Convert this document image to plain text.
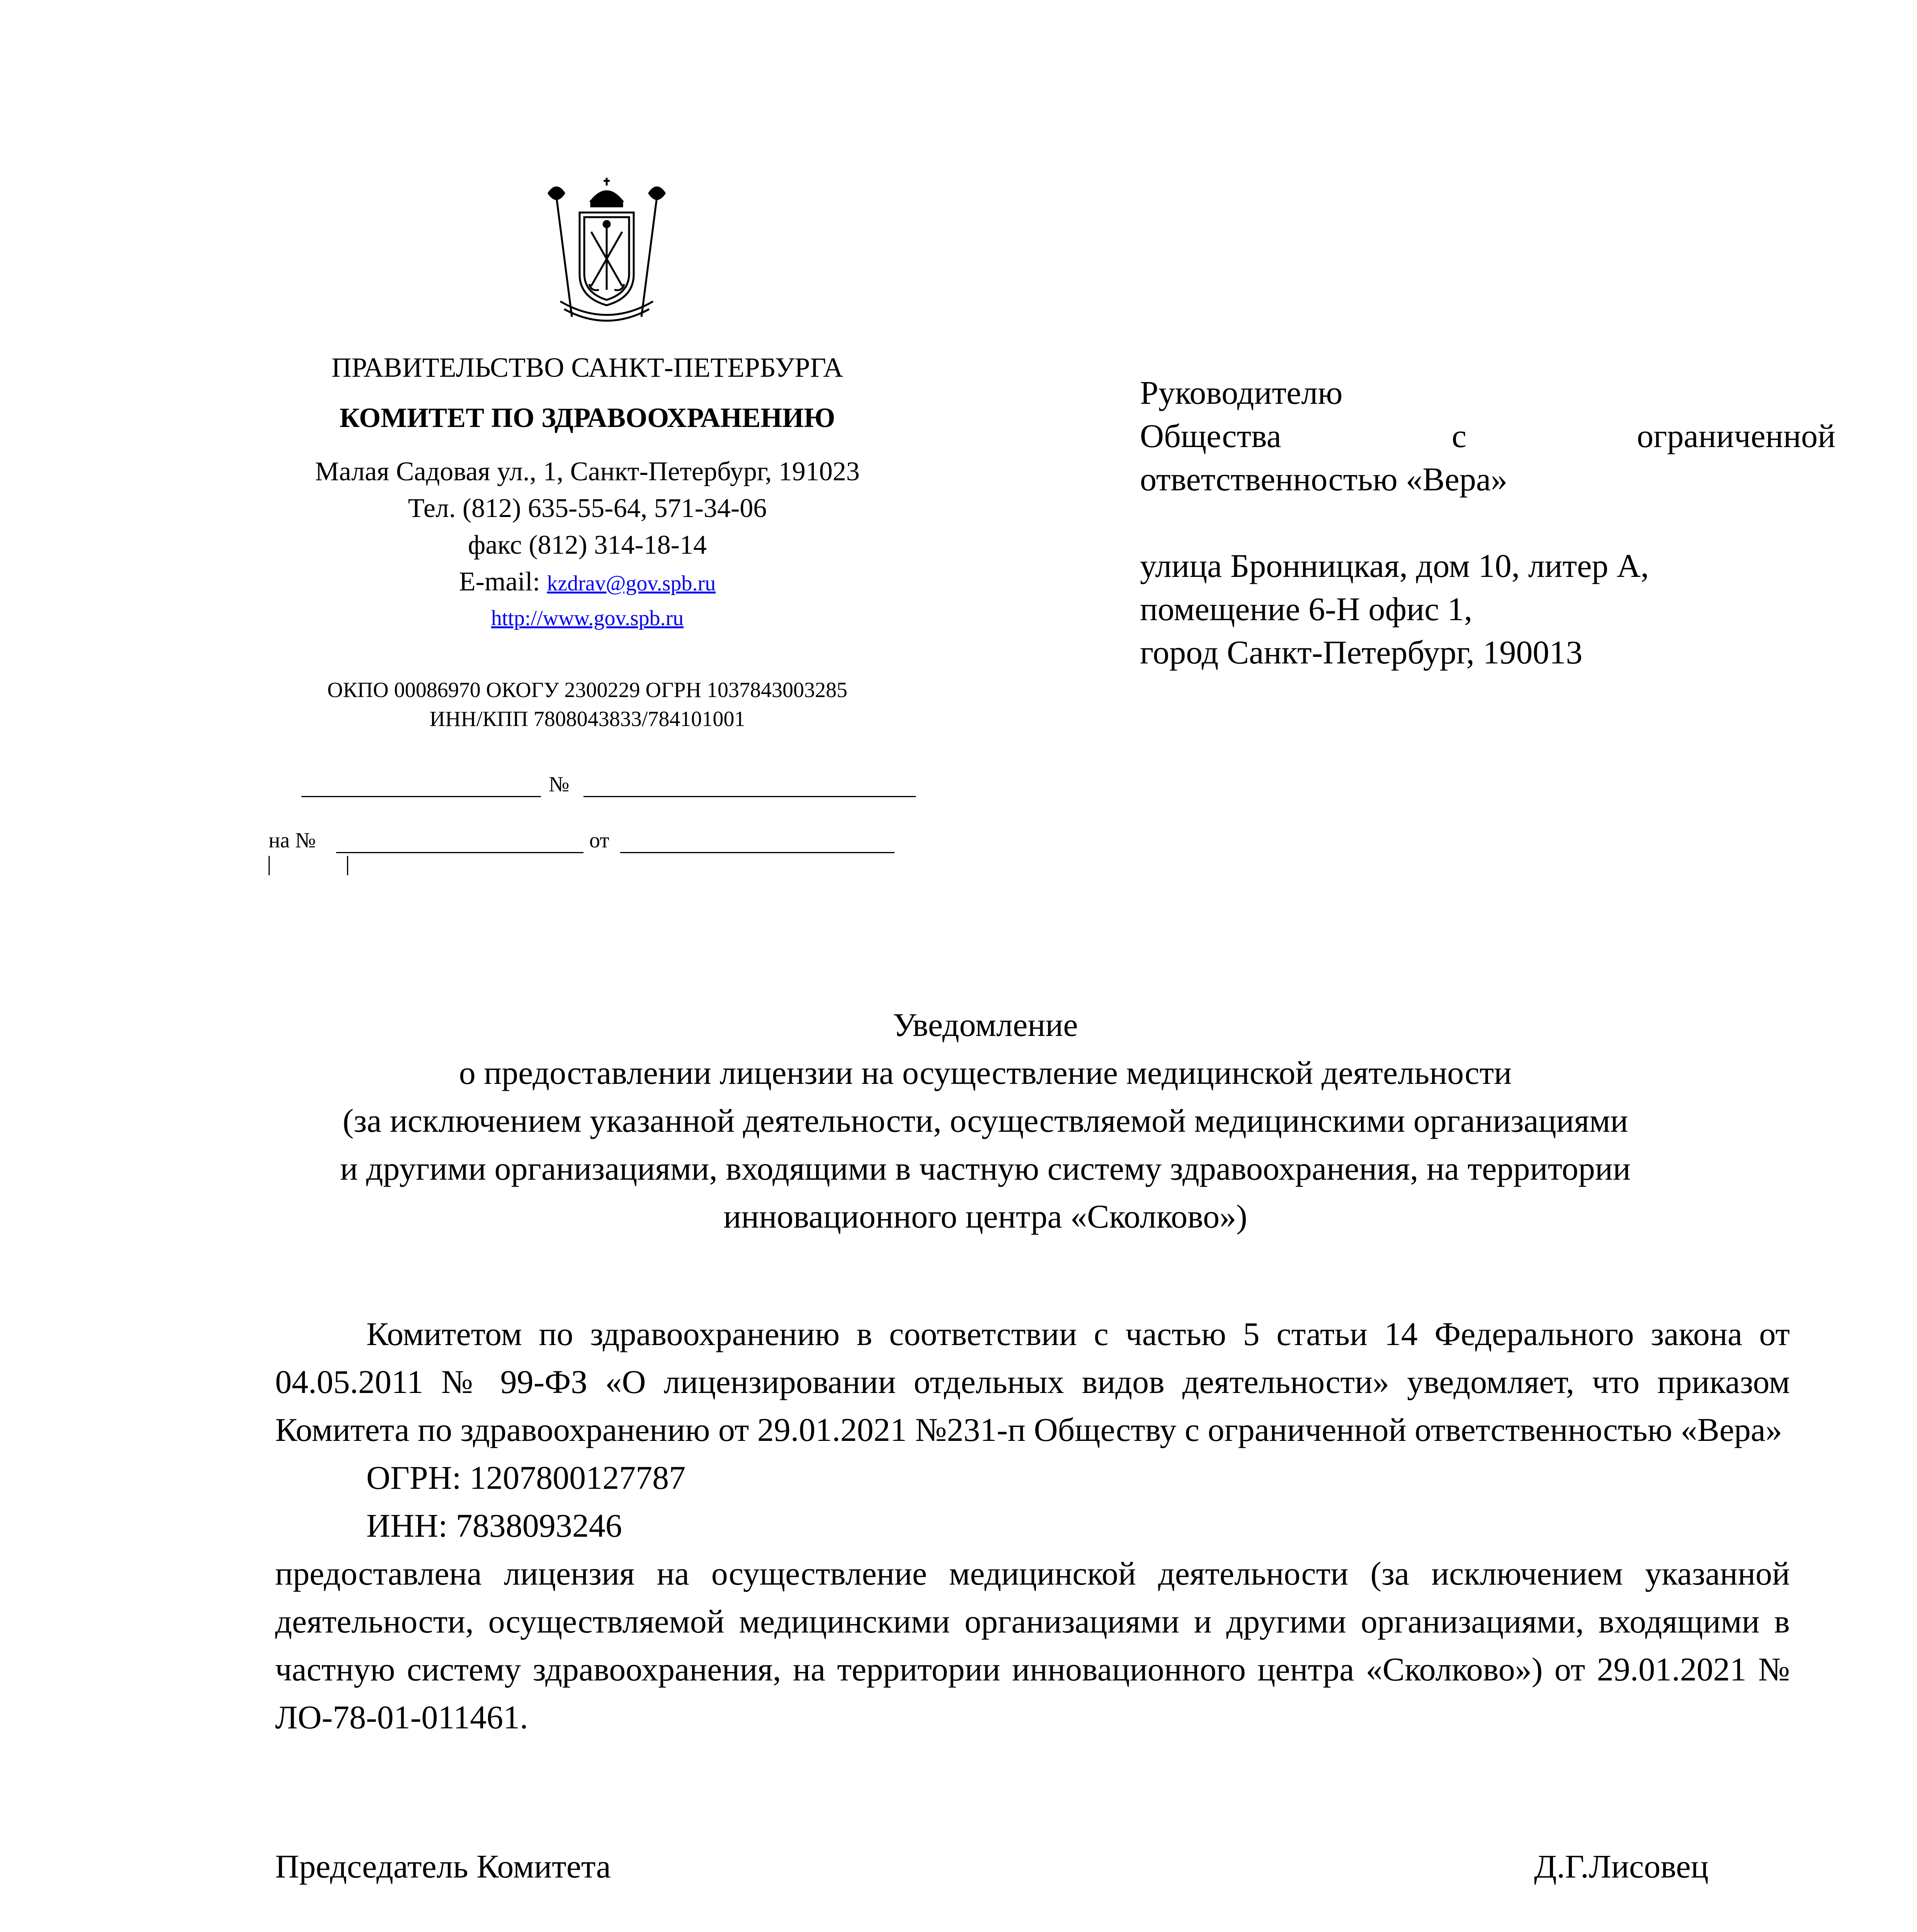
ПРАВИТЕЛЬСТВО САНКТ-ПЕТЕРБУРГА
КОМИТЕТ ПО ЗДРАВООХРАНЕНИЮ
Малая Садовая ул., 1, Санкт-Петербург, 191023
Тел. (812) 635-55-64, 571-34-06
факс (812) 314-18-14
E-mail: kzdrav@gov.spb.ru
http://www.gov.spb.ru
ОКПО 00086970 ОКОГУ 2300229 ОГРН 1037843003285
ИНН/КПП 7808043833/784101001
№
на №	от
Руководителю
Общества	с	ограниченной
ответственностью «Вера»
улица Бронницкая, дом 10, литер А,
помещение 6-Н офис 1,
город Санкт-Петербург, 190013
Уведомление
о предоставлении лицензии на осуществление медицинской деятельности
(за исключением указанной деятельности, осуществляемой медицинскими организациями
и другими организациями, входящими в частную систему здравоохранения, на территории
инновационного центра «Сколково»)

Комитетом по здравоохранению в соответствии с частью 5 статьи 14 Федерального закона от 04.05.2011 № 99-ФЗ «О лицензировании отдельных видов деятельности» уведомляет, что приказом Комитета по здравоохранению от 29.01.2021 №231-п Обществу с ограниченной ответственностью «Вера»

ОГРН: 1207800127787

ИНН: 7838093246

предоставлена лицензия на осуществление медицинской деятельности (за исключением указанной деятельности, осуществляемой медицинскими организациями и другими организациями, входящими в частную систему здравоохранения, на территории инновационного центра «Сколково») от 29.01.2021 № ЛО-78-01-011461.

Председатель Комитета	Д.Г.Лисовец
